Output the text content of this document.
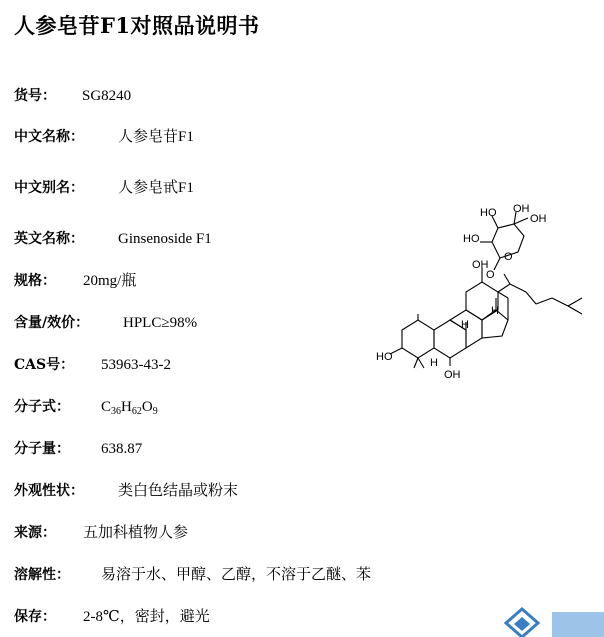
人参皂苷F1对照品说明书
货号： SG8240
中文名称： 人参皂苷F1
中文别名： 人参皂甙F1
英文名称： Ginsenoside F1
规格： 20mg/瓶
含量/效价： HPLC≥98%
CAS号： 53963-43-2
分子式： $C_{36}H_{62}O_9$
分子量： 638.87
外观性状： 类白色结晶或粉末
来源： 五加科植物人参
溶解性： 易溶于水、甲醇、乙醇，不溶于乙醚、苯
保存： 2-8℃，密封，避光
HO
OH
OH
O
O
HO
HO OH
OH
H
H
H
